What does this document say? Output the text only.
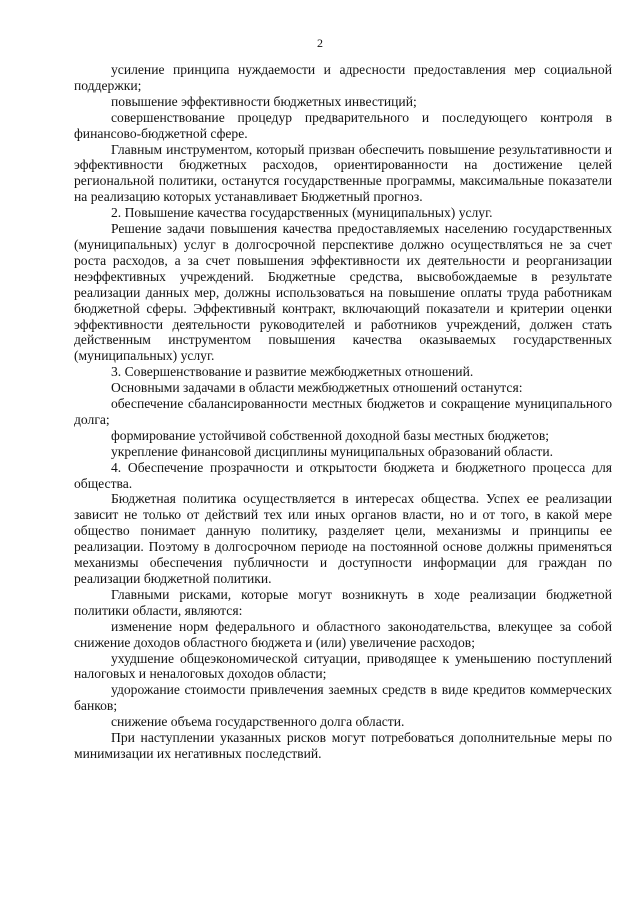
2

усиление принципа нуждаемости и адресности предоставления мер социальной поддержки;

повышение эффективности бюджетных инвестиций;

совершенствование процедур предварительного и последующего контроля в финансово-бюджетной сфере.

Главным инструментом, который призван обеспечить повышение результативности и эффективности бюджетных расходов, ориентированности на достижение целей региональной политики, останутся государственные программы, максимальные показатели на реализацию которых устанавливает Бюджетный прогноз.

2. Повышение качества государственных (муниципальных) услуг.

Решение задачи повышения качества предоставляемых населению государственных (муниципальных) услуг в долгосрочной перспективе должно осуществляться не за счет роста расходов, а за счет повышения эффективности их деятельности и реорганизации неэффективных учреждений. Бюджетные средства, высвобождаемые в результате реализации данных мер, должны использоваться на повышение оплаты труда работникам бюджетной сферы. Эффективный контракт, включающий показатели и критерии оценки эффективности деятельности руководителей и работников учреждений, должен стать действенным инструментом повышения качества оказываемых государственных (муниципальных) услуг.

3. Совершенствование и развитие межбюджетных отношений.

Основными задачами в области межбюджетных отношений останутся:

обеспечение сбалансированности местных бюджетов и сокращение муниципального долга;

формирование устойчивой собственной доходной базы местных бюджетов;

укрепление финансовой дисциплины муниципальных образований области.

4. Обеспечение прозрачности и открытости бюджета и бюджетного процесса для общества.

Бюджетная политика осуществляется в интересах общества. Успех ее реализации зависит не только от действий тех или иных органов власти, но и от того, в какой мере общество понимает данную политику, разделяет цели, механизмы и принципы ее реализации. Поэтому в долгосрочном периоде на постоянной основе должны применяться механизмы обеспечения публичности и доступности информации для граждан по реализации бюджетной политики.

Главными рисками, которые могут возникнуть в ходе реализации бюджетной политики области, являются:

изменение норм федерального и областного законодательства, влекущее за собой снижение доходов областного бюджета и (или) увеличение расходов;

ухудшение общеэкономической ситуации, приводящее к уменьшению поступлений налоговых и неналоговых доходов области;

удорожание стоимости привлечения заемных средств в виде кредитов коммерческих банков;

снижение объема государственного долга области.

При наступлении указанных рисков могут потребоваться дополнительные меры по минимизации их негативных последствий.
